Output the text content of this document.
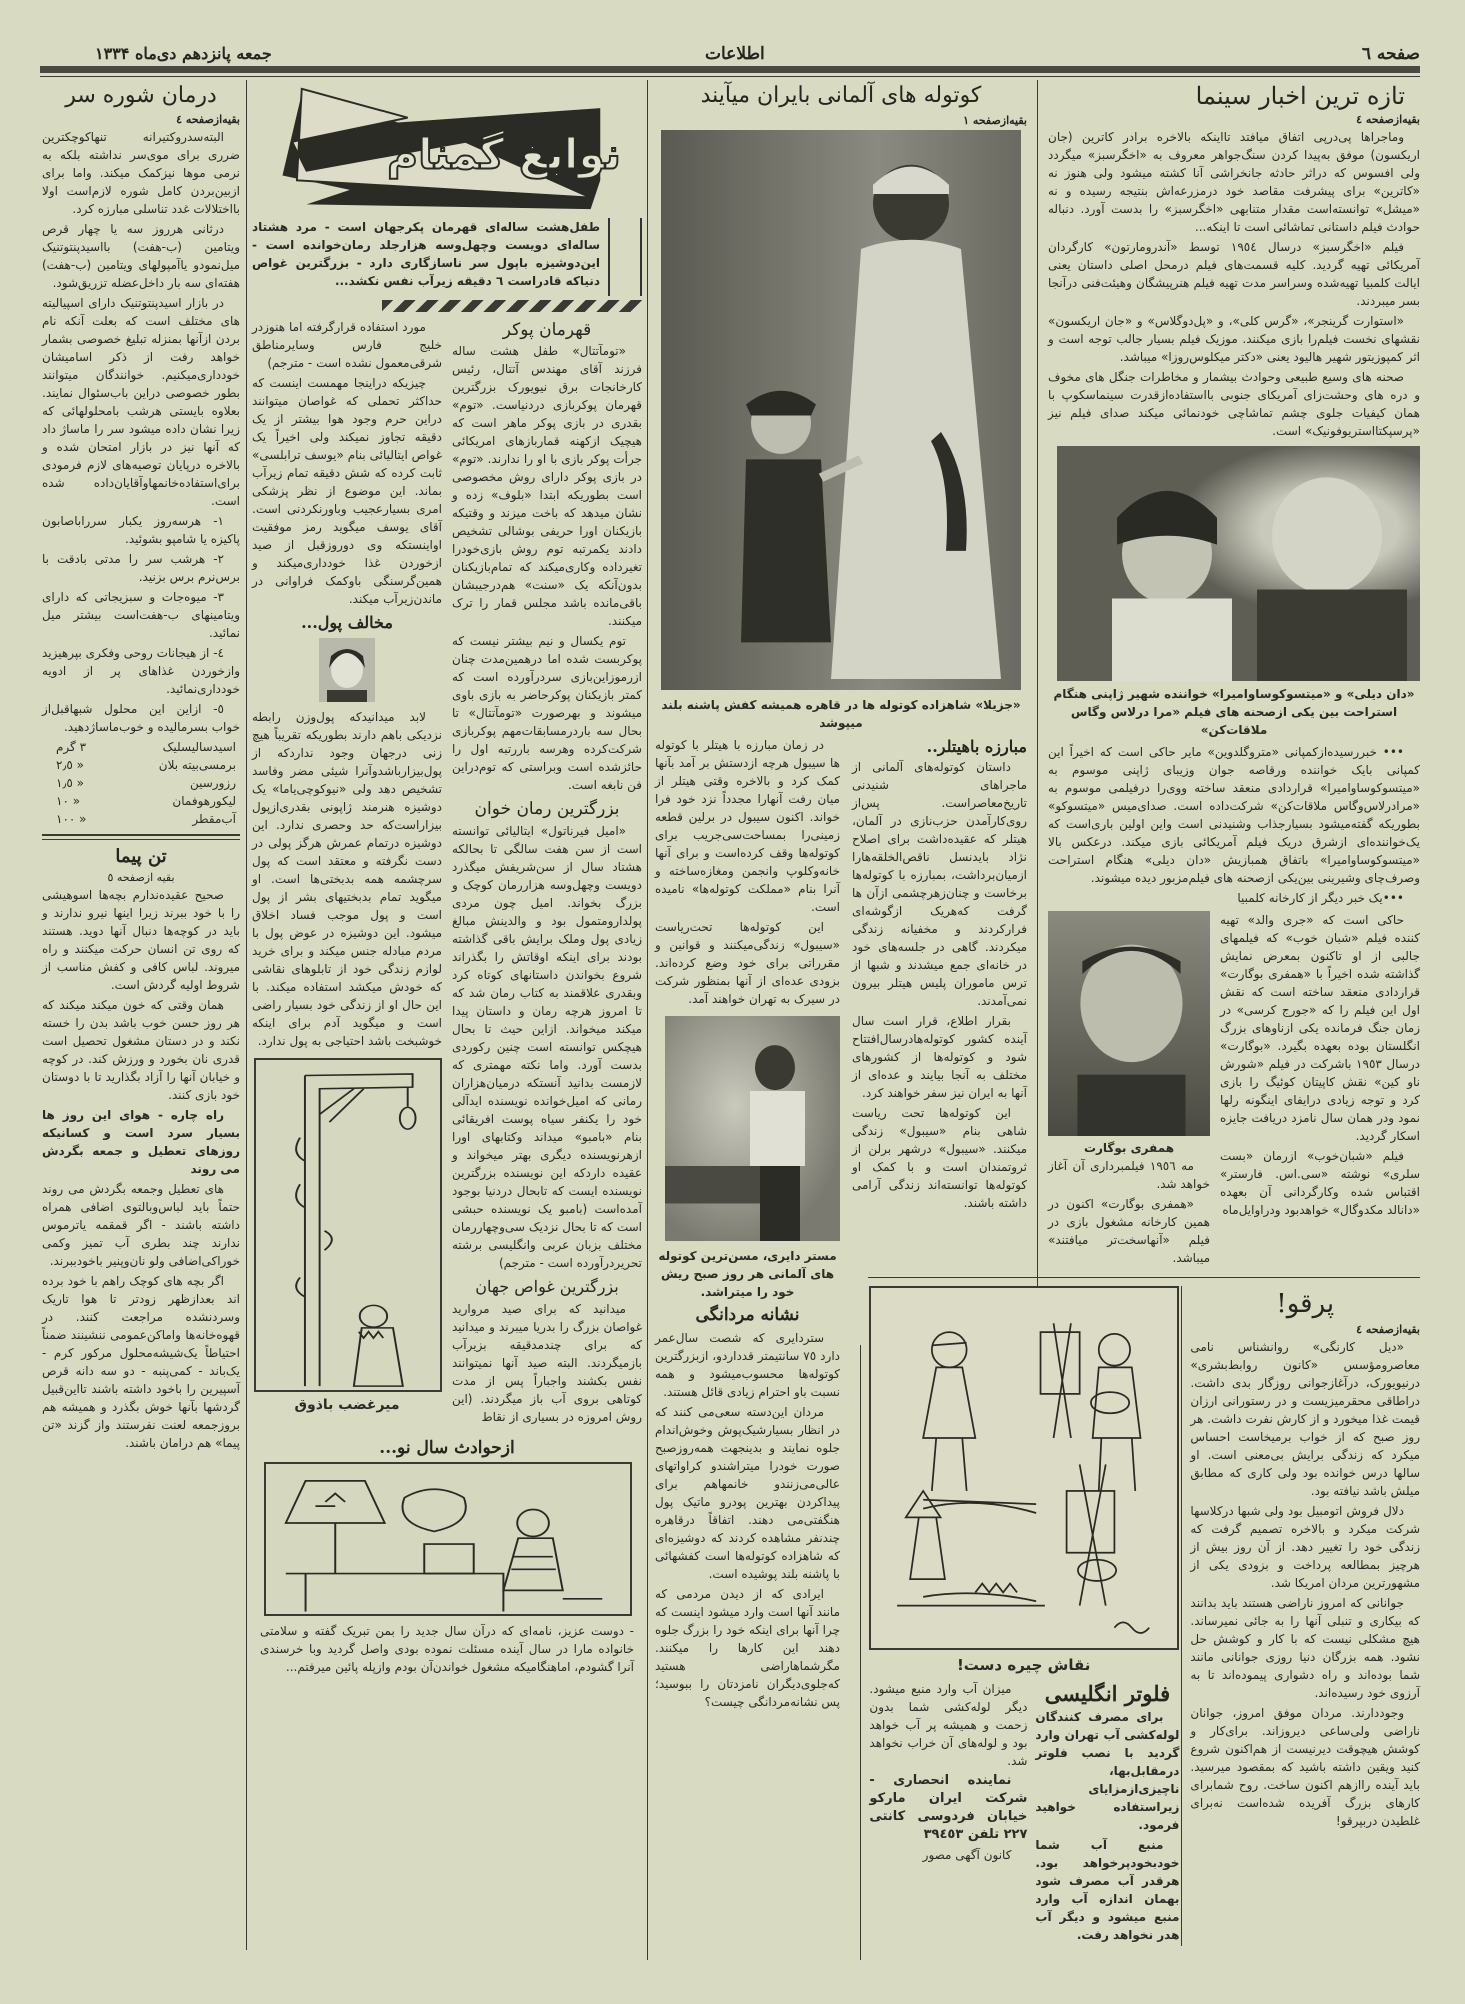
صفحه ٦
اطلاعات
جمعه پانزدهم دی‌ماه ۱۳۳۴
تازه ترین اخبار سینما
بقیه‌ازصفحه ٤

وماجراها پی‌درپی اتفاق میافتد تااینکه بالاخره برادر کاترین (جان اریکسون) موفق به‌پیدا کردن سنگ‌جواهر معروف به «اخگرسبز» میگردد ولی افسوس که دراثر حادثه جانخراشی آنا کشته میشود ولی هنوز نه «کاترین» برای پیشرفت مقاصد خود درمزرعه‌اش بنتیجه رسیده و نه «میشل» توانسته‌است مقدار متنابهی «اخگرسبز» را بدست آورد. دنباله حوادث فیلم داستانی تماشائی است تا اینکه...

فیلم «اخگرسبز» درسال ١٩٥٤ توسط «آندرومارتون» کارگردان آمریکائی تهیه گردید. کلیه قسمت‌های فیلم درمحل اصلی داستان یعنی ایالت کلمبیا تهیه‌شده وسراسر مدت تهیه فیلم هنرپیشگان وهیئت‌فنی درآنجا بسر میبردند.

«استوارت گرینجر»، «گرس کلی»، و «پل‌دوگلاس» و «جان اریکسون» نقشهای نخست فیلم‌را بازی میکنند. موزیک فیلم بسیار جالب توجه است و اثر کمپوزیتور شهیر هالیود یعنی «دکتر میکلوس‌روزا» میباشد.

صحنه های وسیع طبیعی وحوادث بیشمار و مخاطرات جنگل های مخوف و دره های وحشت‌زای آمریکای جنوبی بااستفاده‌ازقدرت سینماسکوپ با همان کیفیات جلوی چشم تماشاچی خودنمائی میکند صدای فیلم نیز «پرسپکتااستریوفونیک» است.

«دان دیلی» و «میتسوکوساوامیرا» خواننده شهیر ژاپنی هنگام استراحت بین یکی ازصحنه های فیلم «مرا درلاس وگاس ملاقات‌کن»

••• خبررسیده‌ازکمپانی «متروگلدوین» مایر حاکی است که اخیراً این کمپانی بایک خواننده ورقاصه جوان وزیبای ژاپنی موسوم به «میتسوکوساوامیرا» قراردادی منعقد ساخته ووی‌را درفیلمی موسوم به «مرادرلاس‌وگاس ملاقات‌کن» شرکت‌داده است. صدای‌میس «میتسوکو» بطوریکه گفته‌میشود بسیارجذاب وشنیدنی است واین اولین باری‌است که یک‌خواننده‌ای ازشرق دریک فیلم آمریکائی بازی میکند. درعکس بالا «میتسوکوساوامیرا» باتفاق همبازیش «دان دیلی» هنگام استراحت وصرف‌چای وشیرینی بین‌یکی ازصحنه های فیلم‌مزبور دیده میشوند.

•••یک خبر دیگر از کارخانه کلمبیا

حاکی است که «جری والد» تهیه کننده فیلم «شبان خوب» که فیلمهای جالبی از او تاکنون بمعرض نمایش گذاشته شده اخیراً با «همفری بوگارت» قراردادی منعقد ساخته است که نقش اول این فیلم را که «جورج کرسی» در زمان جنگ فرمانده یکی ازناوهای بزرگ انگلستان بوده بعهده بگیرد. «بوگارت» درسال ١٩٥٣ باشرکت در فیلم «شورش ناو کین» نقش کاپیتان کوئیگ را بازی کرد و توجه زیادی درایفای اینگونه رلها نمود ودر همان سال نامزد دریافت جایزه اسکار گردید.

فیلم «شبان‌خوب» ازرمان «بست سلری» نوشته «سی.اس. فارستر» اقتباس شده وکارگردانی آن بعهده «دانالد مکدوگال» خواهدبود ودراوایل‌ماه

همفری بوگارت

مه ١٩٥٦ فیلمبرداری آن آغاز خواهد شد.

«همفری بوگارت» اکنون در همین کارخانه مشغول بازی در فیلم «آنهاسخت‌تر میافتند» میباشد.

پرقو!
بقیه‌ازصفحه ٤

«دیل کارنگی» روانشناس نامی معاصرومؤسس «کانون روابط‌بشری» درنیویورک، درآغازجوانی روزگار بدی داشت. دراطاقی محقرمیزیست و در رستورانی ارزان قیمت غذا میخورد و از کارش نفرت داشت. هر روز صبح که از خواب برمیخاست احساس میکرد که زندگی برایش بی‌معنی است. او سالها درس خوانده بود ولی کاری که مطابق میلش باشد نیافته بود.

دلال فروش اتومبیل بود ولی شبها درکلاسها شرکت میکرد و بالاخره تصمیم گرفت که زندگی خود را تغییر دهد. از آن روز بیش از هرچیز بمطالعه پرداخت و بزودی یکی از مشهورترین مردان امریکا شد.

جوانانی که امروز ناراضی هستند باید بدانند که بیکاری و تنبلی آنها را به جائی نمیرساند. هیچ مشکلی نیست که با کار و کوشش حل نشود. همه بزرگان دنیا روزی جوانانی مانند شما بوده‌اند و راه دشواری پیموده‌اند تا به آرزوی خود رسیده‌اند.

وجوددارند. مردان موفق امروز، جوانان ناراضی ولی‌ساعی دیروزاند. برای‌کار و کوشش هیچوقت دیرنیست از هم‌اکنون شروع کنید ویقین داشته باشید که بمقصود میرسید. باید آینده رااز‌هم اکنون ساخت. روح شمابرای کارهای بزرگ آفریده شده‌است نه‌برای غلطیدن دربپرقو!

نقاش چیره دست!
فلوتر انگلیسی

برای مصرف کنندگان لوله‌کشی آب تهران وارد گردید با نصب فلوتر درمقابل‌بها، ناچیزی‌ازمزایای زیراستفاده خواهید فرمود.

منبع آب شما خودبخودپرخواهد بود. هرقدر آب مصرف شود بهمان اندازه آب وارد منبع میشود و دیگر آب هدر نخواهد رفت.

میزان آب وارد منبع میشود. دیگر لوله‌کشی شما بدون زحمت و همیشه پر آب خواهد بود و لوله‌های آن خراب نخواهد شد.

نماینده انحصاری - شرکت ایران مارکو خیابان فردوسی کانتی ٢٢٧ تلفن ٣٩٤٥٣

کانون آگهی مصور

کوتوله های آلمانی بایران میآیند
بقیه‌ازصفحه ١
«جزیلا» شاهزاده کوتوله ها در قاهره همیشه کفش پاشنه بلند میپوشد
مبارزه باهیتلر..

داستان کوتوله‌های آلمانی از ماجراهای شنیدنی تاریخ‌معاصراست. پس‌از روی‌کارآمدن حزب‌نازی در آلمان، هیتلر که عقیده‌داشت برای اصلاح نژاد بایدنسل ناقص‌الخلقه‌هارا ازمیان‌برداشت، بمبارزه با کوتوله‌ها برخاست و چنان‌زهرچشمی ازآن ها گرفت که‌هریک ازگوشه‌ای فرارکردند و مخفیانه زندگی میکردند. گاهی در جلسه‌های خود در خانه‌ای جمع میشدند و شبها از ترس ماموران پلیس هیتلر بیرون نمی‌آمدند.

بقرار اطلاع، قرار است سال آینده کشور کوتوله‌هادرسال‌افتتاح شود و کوتوله‌ها از کشورهای مختلف به آنجا بیایند و عده‌ای از آنها به ایران نیز سفر خواهند کرد.

این کوتوله‌ها تحت ریاست شاهی بنام «سیبول» زندگی میکنند. «سیبول» درشهر برلن از ثروتمندان است و با کمک او کوتوله‌ها توانسته‌اند زندگی آرامی داشته باشند.

در زمان مبارزه با هیتلر با کوتوله ها سیبول هرچه ازدستش بر آمد بآنها کمک کرد و بالاخره وقتی هیتلر از میان رفت آنهارا مجدداً نزد خود فرا خواند. اکنون سیبول در برلین قطعه زمینی‌را بمساحت‌سی‌جریب برای کوتوله‌ها وقف کرده‌است و برای آنها خانه‌وکلوپ وانجمن ومغازه‌ساخته و آنرا بنام «مملکت کوتوله‌ها» نامیده است.

این کوتوله‌ها تحت‌ریاست «سیبول» زندگی‌میکنند و قوانین و مقرراتی برای خود وضع کرده‌اند. بزودی عده‌ای از آنها بمنظور شرکت در سیرک به تهران خواهند آمد.

مستر دایری، مسن‌ترین کوتوله های آلمانی هر روز صبح ریش خود را میتراشد.
نشانه مردانگی

ستردایری که شصت سال‌عمر دارد ٧٥ سانتیمتر قدداردو، ازبزرگترین کوتوله‌ها محسوب‌میشود و همه نسبت باو احترام زیادی قائل هستند.

مردان این‌دسته سعی‌می کنند که در انظار بسیارشیک‌پوش وخوش‌اندام جلوه نمایند و بدینجهت همه‌روزصبح صورت خودرا میتراشندو کراواتهای عالی‌می‌زنندو خانمهاهم برای پیداکردن بهترین پودرو ماتیک پول هنگفتی‌می دهند. اتفاقاً درقاهره چندنفر مشاهده کردند که دوشیزه‌ای که شاهزاده کوتوله‌ها است کفشهائی با پاشنه بلند پوشیده است.

ایرادی که از دیدن مردمی که مانند آنها است وارد میشود اینست که چرا آنها برای اینکه خود را بزرگ جلوه دهند این کارها را میکنند. مگرشماهاراضی هستید که‌جلوی‌دیگران نامزدتان را ببوسید؛ پس نشانه‌مردانگی چیست؟

نوابغ گمنام
طفل‌هشت ساله‌ای قهرمان پکرجهان است - مرد هشتاد ساله‌ای دویست وچهل‌وسه هزارجلد رمان‌خوانده است - این‌دوشیزه باپول سر ناسازگاری دارد - بزرگترین غواص دنیاکه قادراست ٦ دقیقه زیرآب نفس نکشد...
قهرمان پوکر

«تومآتتال» طفل هشت ساله فرزند آقای مهندس آتتال، رئیس کارخانجات برق نیویورک بزرگترین قهرمان پوکربازی دردنیاست. «توم» بقدری در بازی پوکر ماهر است که هیچیک ازکهنه قماربازهای امریکائی جرأت پوکر بازی با او را ندارند. «توم» در بازی پوکر دارای روش مخصوصی است بطوریکه ابتدا «بلوف» زده و نشان میدهد که باخت میزند و وقتیکه بازیکنان اورا حریفی بوشالی تشخیص دادند یکمرتبه توم روش بازی‌خودرا تغیرداده وکاری‌میکند که تمام‌بازیکنان بدون‌آنکه یک «سنت» هم‌درجیبشان باقی‌مانده باشد مجلس قمار را ترک میکنند.

توم یکسال و نیم بیشتر نیست که پوکربست شده اما درهمین‌مدت چنان ازرموزاین‌بازی سردرآورده است که کمتر بازیکنان پوکرحاضر به بازی باوی میشوند و بهرصورت «تومآتتال» تا بحال سه باردرمسابقات‌مهم پوکربازی شرکت‌کرده وهرسه باررتبه اول را حائزشده است وبراستی که توم‌دراین فن نابغه است.

بزرگترین رمان خوان

«امیل فیرناتول» ایتالیائی توانسته است از سن هفت سالگی تا بحالکه هشتاد سال از سن‌شریفش میگذرد دویست وچهل‌وسه هزاررمان کوچک و بزرگ بخواند. امیل چون مردی پولدارومتمول بود و والدینش مبالغ زیادی پول وملک برایش باقی گذاشته بودند برای اینکه اوقاتش را بگذراند شروع بخواندن داستانهای کوتاه کرد وبقدری علاقمند به کتاب رمان شد که تا امروز هرچه رمان و داستان پیدا میکند میخواند. ازاین حیث تا بحال هیچکس توانسته است چنین رکوردی بدست آورد. واما نکته مهمتری که لازمست بدانید آنستکه درمیان‌هزاران رمانی که امیل‌خوانده نویسنده ایدآلی خود را یکنفر سیاه پوست افریقائی بنام «بامبو» میداند وکتابهای اورا ازهرنویسنده دیگری بهتر میخواند و عقیده داردکه این نویسنده بزرگترین نویسنده ایست که تابحال دردنیا بوجود آمده‌است (بامبو یک نویسنده حبشی است که تا بحال نزدیک سی‌وچهاررمان مختلف بزبان عربی وانگلیسی برشته تحریردرآورده است - مترجم)

بزرگترین غواص جهان

میدانید که برای صید مروارید غواصان بزرگ را بدریا میبرند و میدانید که برای چندمدقیقه بزیرآب بازمیگردند. البته صید آنها نمیتوانند نفس بکشند واجباراً پس از مدت کوتاهی بروی آب باز میگردند. (این روش امروزه در بسیاری از نقاط

مورد استفاده قرارگرفته اما هنوزدر خلیج فارس وسایرمناطق شرقی‌معمول نشده است - مترجم)

چیزیکه دراینجا مهمست اینست که حداکثر تحملی که غواصان میتوانند دراین حرم وجود هوا بیشتر از یک دقیقه تجاوز نمیکند ولی اخیراً یک غواص ایتالیائی بنام «یوسف ترابلسی» ثابت کرده که شش دقیقه تمام زیرآب بماند. این موضوع از نظر پزشکی امری بسیارعجیب وباورنکردنی است. آقای یوسف میگوید رمز موفقیت اواینستکه وی دوروزقبل از صید ازخوردن غذا خودداری‌میکند و همین‌گرسنگی باوکمک فراوانی در ماندن‌زیرآب میکند.

مخالف پول...

لابد میدانیدکه پول‌وزن رابطه نزدیکی باهم دارند بطوریکه تقریباً هیچ زنی درجهان وجود نداردکه از پول‌بیزارباشدوآنرا شیئی مضر وفاسد تشخیص دهد ولی «نیوکوچی‌یاما» یک دوشیزه هنرمند ژاپونی بقدری‌ازپول بیزاراست‌که حد وحصری ندارد. این دوشیزه درتمام عمرش هرگز پولی در دست نگرفته و معتقد است که پول سرچشمه همه بدبختی‌ها است. او میگوید تمام بدبختیهای بشر از پول است و پول موجب فساد اخلاق میشود. این دوشیزه در عوض پول با مردم مبادله جنس میکند و برای خرید لوازم زندگی خود از تابلوهای نقاشی که خودش میکشد استفاده میکند. با این حال او از زندگی خود بسیار راضی است و میگوید آدم برای اینکه خوشبخت باشد احتیاجی به پول ندارد.

میرغضب باذوق
ازحوادث سال نو...
- دوست عزیز، نامه‌ای که درآن سال جدید را بمن تبریک گفته و سلامتی خانواده مارا در سال آینده مسئلت نموده بودی واصل گردید وبا خرسندی آنرا گشودم، اماهنگامیکه مشغول خواندن‌آن بودم وازپله پائین میرفتم...
درمان شوره سر
بقیه‌ازصفحه ٤

البته‌سدروکتیرانه تنهاکوچکترین ضرری برای موی‌سر نداشته بلکه به نرمی موها نیزکمک میکند. واما برای ازبین‌بردن کامل شوره لازم‌است اولا بااختلالات غدد تناسلی مبارزه کرد.

درثانی هرروز سه یا چهار قرص ویتامین (ب-هفت) بااسیدپنتوتنیک میل‌نمودو یاآمپولهای ویتامین (ب-هفت) هفته‌ای سه بار داخل‌عضله تزریق‌شود.

در بازار اسیدپنتوتنیک دارای اسپیالیته های مختلف است که بعلت آنکه نام بردن ازآنها بمنزله تبلیغ خصوصی بشمار خواهد رفت از ذکر اسامیشان خودداری‌میکنیم. خوانندگان میتوانند بطور خصوصی دراین باب‌سئوال نمایند. بعلاوه بایستی هرشب بامحلولهائی که زیرا نشان داده میشود سر را ماساژ داد که آنها نیز در بازار امتحان شده و بالاخره درپایان توصیه‌های لازم فرمودی برای‌استفاده‌خانمهاوآقایان‌داده شده است.

١- هرسه‌روز یکبار سرراباصابون پاکیزه یا شامپو بشوئید.

٢- هرشب سر را مدتی بادقت با برس‌نرم برس بزنید.

٣- میوه‌جات و سبزیجاتی که دارای ویتامینهای ب-هفت‌است بیشتر میل نمائید.

٤- از هیجانات روحی وفکری بپرهیزید وازخوردن غذاهای پر از ادویه خودداری‌نمائید.

٥- ازاین این محلول شبهاقبل‌از خواب بسرمالیده و خوب‌ماساژدهید.

اسیدسالیسلیک
٣ گرم
برمسی‌بیته بلان
« ٢٫٥
رزورسین
« ١٫٥
لیکورهوفمان
« ١٠
آب‌مقطر
« ١٠٠
تن پیما
بقیه ازصفحه ٥

صحیح عقیده‌ندارم بچه‌ها اسوهیشی را با خود ببرند زیرا اینها نیرو ندارند و باید در کوچه‌ها دنبال آنها دوید. هستند که روی تن انسان حرکت میکنند و راه میروند. لباس کافی و کفش مناسب از شروط اولیه گردش است.

همان وقتی که خون میکند میکند که هر روز حسن خوب باشد بدن را خسته نکند و در دستان مشغول تحصیل است قدری نان بخورد و ورزش کند. در کوچه و خیابان آنها را آزاد بگذارید تا با دوستان خود بازی کنند.

راه چاره - هوای این روز ها بسیار سرد است و کسانیکه روزهای تعطیل و جمعه بگردش می روند

های تعطیل وجمعه بگردش می روند حتماً باید لباس‌وبالتوی اضافی همراه داشته باشند - اگر قمقمه یاترموس ندارند چند بطری آب تمیز وکمی خوراکی‌اضافی ولو نان‌وپنیر باخودببرند.

اگر بچه های کوچک راهم با خود برده اند بعدازظهر زودتر تا هوا تاریک وسردنشده مراجعت کنند. در قهوه‌خانه‌ها واماکن‌عمومی ننشینند ضمناً احتیاطاً یک‌شیشه‌محلول مرکور کرم - یک‌باند - کمی‌پنبه - دو سه دانه قرص آسپیرین را باخود داشته باشند تااین‌قبیل گردشها بآنها خوش بگذرد و همیشه هم بروزجمعه لعنت نفرستند واز گزند «تن پیما» هم درامان باشند.
